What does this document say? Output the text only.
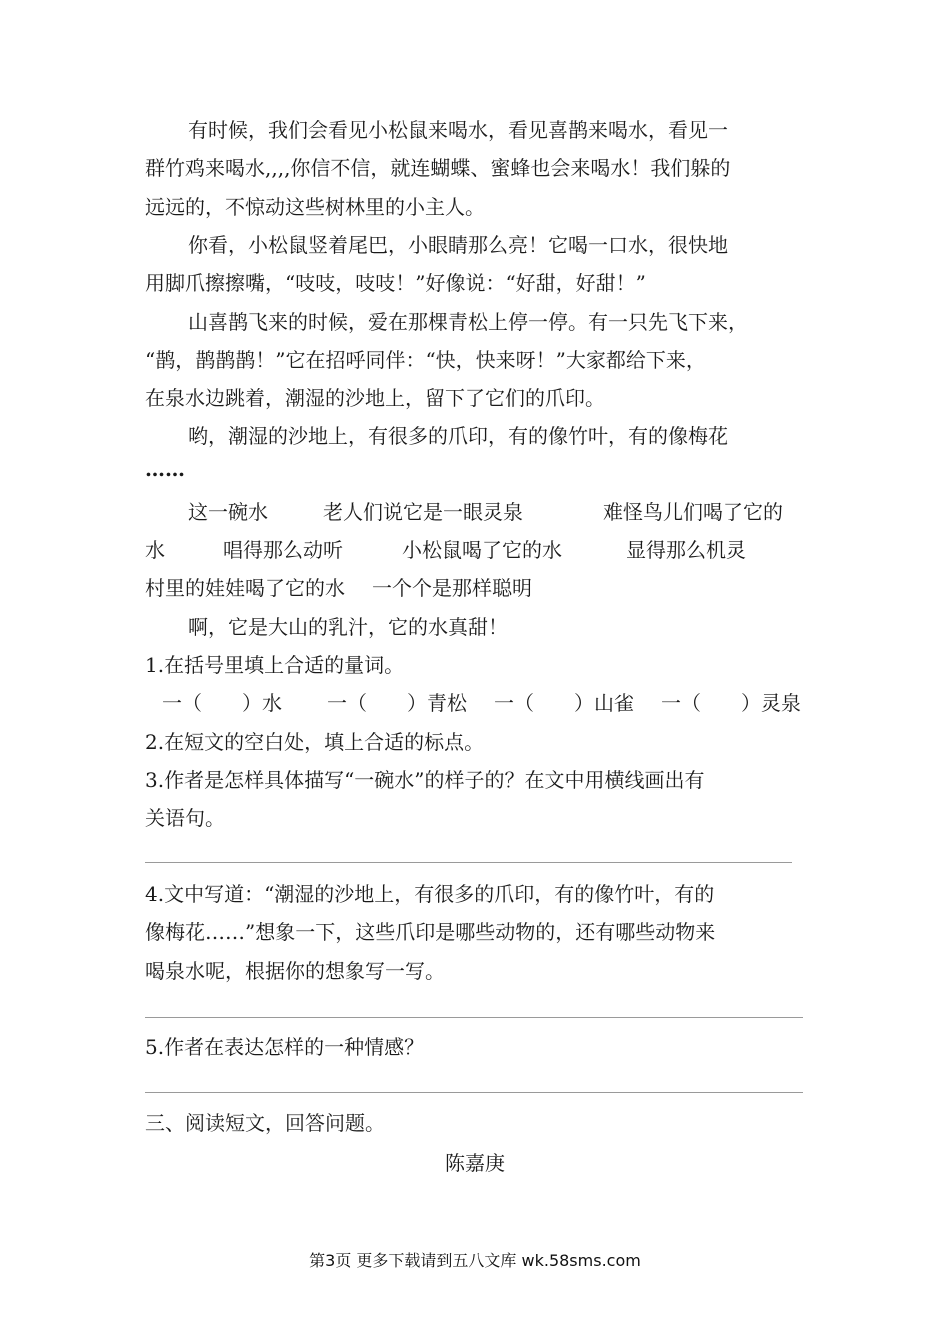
有时候，我们会看见小松鼠来喝水，看见喜鹊来喝水，看见一
群竹鸡来喝水,,,,你信不信，就连蝴蝶、蜜蜂也会来喝水！我们躲的
远远的，不惊动这些树林里的小主人。
你看，小松鼠竖着尾巴，小眼睛那么亮！它喝一口水，很快地
用脚爪擦擦嘴，“吱吱，吱吱！”好像说：“好甜，好甜！”
山喜鹊飞来的时候，爱在那棵青松上停一停。有一只先飞下来，
“鹊，鹊鹊鹊！”它在招呼同伴：“快，快来呀！”大家都给下来，
在泉水边跳着，潮湿的沙地上，留下了它们的爪印。
哟，潮湿的沙地上，有很多的爪印，有的像竹叶，有的像梅花
……
这一碗水	老人们说它是一眼灵泉	难怪鸟儿们喝了它的
水	唱得那么动听	小松鼠喝了它的水	显得那么机灵
村里的娃娃喝了它的水 一个个是那样聪明
啊，它是大山的乳汁，它的水真甜！
1.在括号里填上合适的量词。
一（　　）水 一（　　）青松 一（　　）山雀 一（　　）灵泉
2.在短文的空白处，填上合适的标点。
3.作者是怎样具体描写“一碗水”的样子的？在文中用横线画出有
关语句。
4.文中写道：“潮湿的沙地上，有很多的爪印，有的像竹叶，有的
像梅花……”想象一下，这些爪印是哪些动物的，还有哪些动物来
喝泉水呢，根据你的想象写一写。
5.作者在表达怎样的一种情感？
三、阅读短文，回答问题。
陈嘉庚
第3页 更多下载请到五八文库 wk.58sms.com
